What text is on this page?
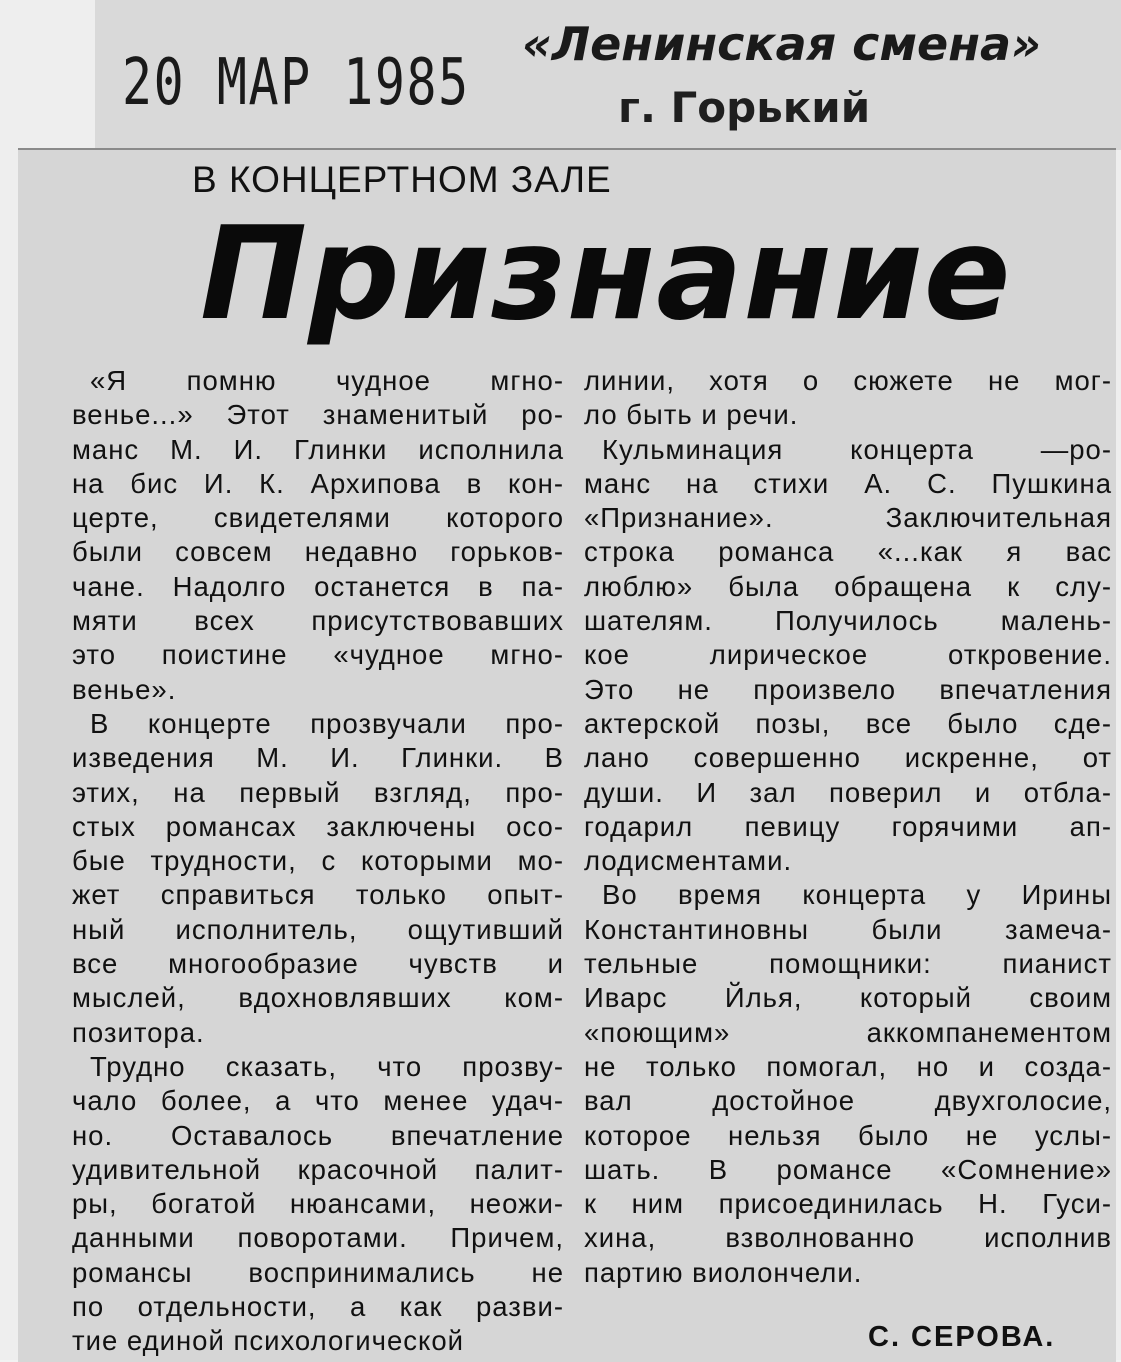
20 МАР 1985
«Ленинская смена»
г. Горький
В КОНЦЕРТНОМ ЗАЛЕ
Признание
«Я помню чудное мгно-
венье...» Этот знаменитый ро-
манс М. И. Глинки исполнила
на бис И. К. Архипова в кон-
церте, свидетелями которого
были совсем недавно горьков-
чане. Надолго останется в па-
мяти всех присутствовавших
это поистине «чудное мгно-
венье».
В концерте прозвучали про-
изведения М. И. Глинки. В
этих, на первый взгляд, про-
стых романсах заключены осо-
бые трудности, с которыми мо-
жет справиться только опыт-
ный исполнитель, ощутивший
все многообразие чувств и
мыслей, вдохновлявших ком-
позитора.
Трудно сказать, что прозву-
чало более, а что менее удач-
но. Оставалось впечатление
удивительной красочной палит-
ры, богатой нюансами, неожи-
данными поворотами. Причем,
романсы воспринимались не
по отдельности, а как разви-
тие единой психологической
линии, хотя о сюжете не мог-
ло быть и речи.
Кульминация концерта —ро-
манс на стихи А. С. Пушкина
«Признание». Заключительная
строка романса «...как я вас
люблю» была обращена к слу-
шателям. Получилось малень-
кое лирическое откровение.
Это не произвело впечатления
актерской позы, все было сде-
лано совершенно искренне, от
души. И зал поверил и отбла-
годарил певицу горячими ап-
лодисментами.
Во время концерта у Ирины
Константиновны были замеча-
тельные помощники: пианист
Иварс Йлья, который своим
«поющим» аккомпанементом
не только помогал, но и созда-
вал достойное двухголосие,
которое нельзя было не услы-
шать. В романсе «Сомнение»
к ним присоединилась Н. Гуси-
хина, взволнованно исполнив
партию виолончели.
С. СЕРОВА.
